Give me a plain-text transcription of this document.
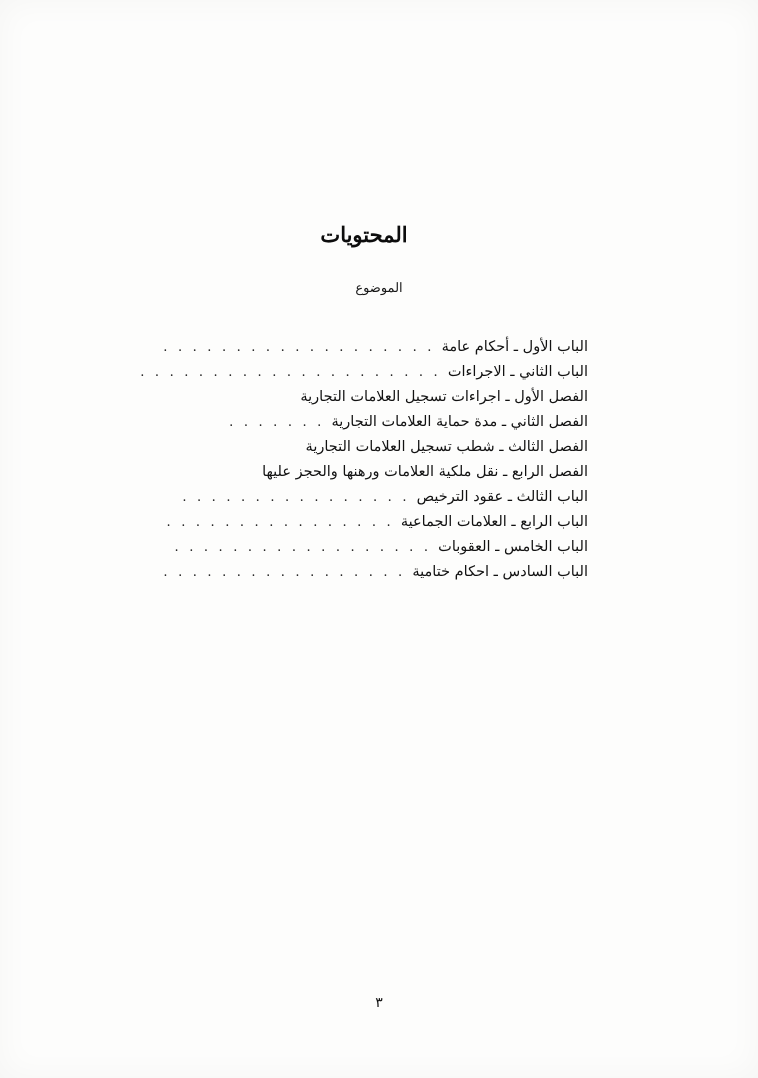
المحتويات
الموضوع
الباب الأول ـ أحكام عامة
. . . . . . . . . . . . . . . . . . .
الباب الثاني ـ الاجراءات
. . . . . . . . . . . . . . . . . . . . .
الفصل الأول ـ اجراءات تسجيل العلامات التجارية
الفصل الثاني ـ مدة حماية العلامات التجارية
. . . . . . .
الفصل الثالث ـ شطب تسجيل العلامات التجارية
الفصل الرابع ـ نقل ملكية العلامات ورهنها والحجز عليها
الباب الثالث ـ عقود الترخيص
. . . . . . . . . . . . . . . .
الباب الرابع ـ العلامات الجماعية
. . . . . . . . . . . . . . . .
الباب الخامس ـ العقوبات
. . . . . . . . . . . . . . . . . .
الباب السادس ـ احكام ختامية
. . . . . . . . . . . . . . . . .
٣
